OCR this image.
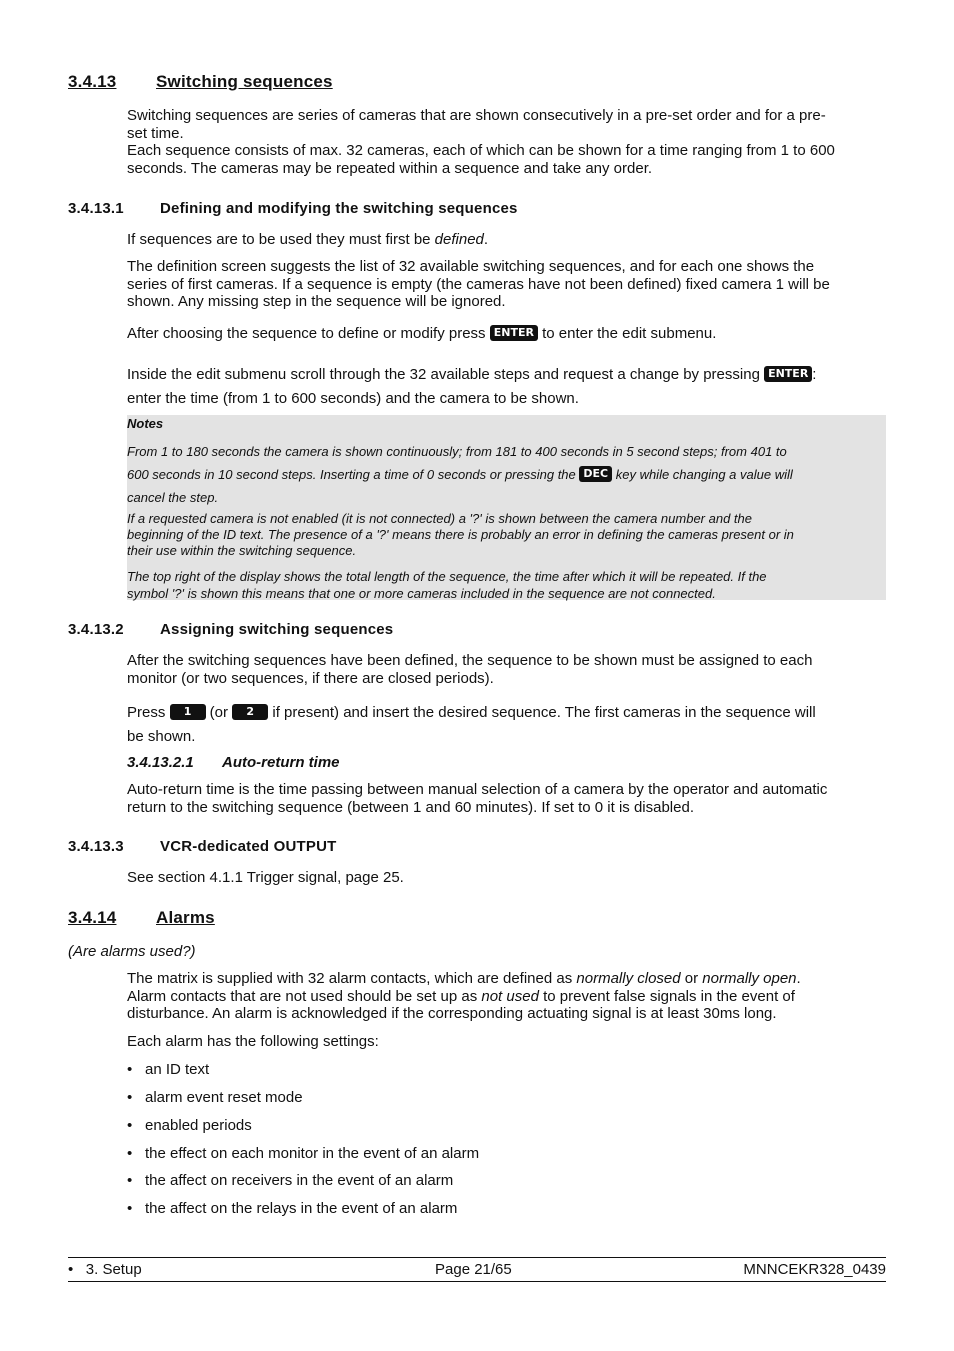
3.4.13 Switching sequences
Switching sequences are series of cameras that are shown consecutively in a pre-set order and for a pre-
set time.
Each sequence consists of max. 32 cameras, each of which can be shown for a time ranging from 1 to 600
seconds. The cameras may be repeated within a sequence and take any order.
3.4.13.1 Defining and modifying the switching sequences
If sequences are to be used they must first be defined.
The definition screen suggests the list of 32 available switching sequences, and for each one shows the
series of first cameras. If a sequence is empty (the cameras have not been defined) fixed camera 1 will be
shown. Any missing step in the sequence will be ignored.
After choosing the sequence to define or modify press ENTER to enter the edit submenu.
Inside the edit submenu scroll through the 32 available steps and request a change by pressing ENTER :
enter the time (from 1 to 600 seconds) and the camera to be shown.
Notes
From 1 to 180 seconds the camera is shown continuously; from 181 to 400 seconds in 5 second steps; from 401 to
600 seconds in 10 second steps. Inserting a time of 0 seconds or pressing the DEC key while changing a value will
cancel the step.
If a requested camera is not enabled (it is not connected) a '?' is shown between the camera number and the
beginning of the ID text. The presence of a '?' means there is probably an error in defining the cameras present or in
their use within the switching sequence.
The top right of the display shows the total length of the sequence, the time after which it will be repeated. If the
symbol '?' is shown this means that one or more cameras included in the sequence are not connected.
3.4.13.2 Assigning switching sequences
After the switching sequences have been defined, the sequence to be shown must be assigned to each
monitor (or two sequences, if there are closed periods).
Press 1 (or 2 if present) and insert the desired sequence. The first cameras in the sequence will
be shown.
3.4.13.2.1 Auto-return time
Auto-return time is the time passing between manual selection of a camera by the operator and automatic
return to the switching sequence (between 1 and 60 minutes). If set to 0 it is disabled.
3.4.13.3 VCR-dedicated OUTPUT
See section 4.1.1 Trigger signal, page 25.
3.4.14 Alarms
(Are alarms used?)
The matrix is supplied with 32 alarm contacts, which are defined as normally closed or normally open.
Alarm contacts that are not used should be set up as not used to prevent false signals in the event of
disturbance. An alarm is acknowledged if the corresponding actuating signal is at least 30ms long.
Each alarm has the following settings:
• an ID text
• alarm event reset mode
• enabled periods
• the effect on each monitor in the event of an alarm
• the affect on receivers in the event of an alarm
• the affect on the relays in the event of an alarm
• 3. Setup	Page 21/65	MNNCEKR328_0439
